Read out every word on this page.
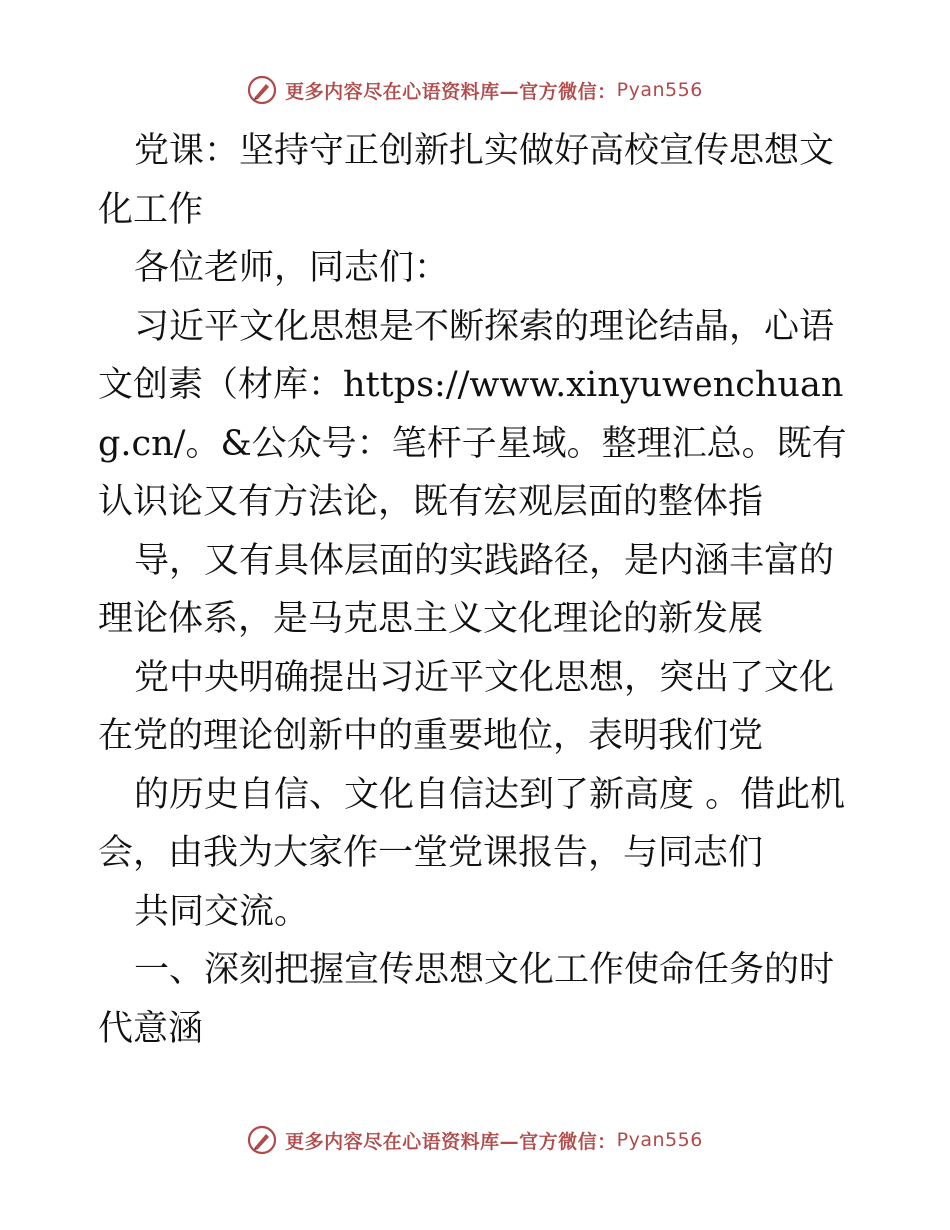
更多内容尽在心语资料库—官方微信： Pyan556

党课：坚持守正创新扎实做好高校宣传思想文化工作

各位老师，同志们：

习近平文化思想是不断探索的理论结晶，心语文创素（材库：https://www.xinyuwenchuang.cn/。&公众号：笔杆子星域。整理汇总。既有认识论又有方法论，既有宏观层面的整体指

导，又有具体层面的实践路径，是内涵丰富的理论体系，是马克思主义文化理论的新发展

党中央明确提出习近平文化思想，突出了文化在党的理论创新中的重要地位，表明我们党

的历史自信、文化自信达到了新高度 。借此机会，由我为大家作一堂党课报告，与同志们

共同交流。

一、深刻把握宣传思想文化工作使命任务的时代意涵

更多内容尽在心语资料库—官方微信： Pyan556
